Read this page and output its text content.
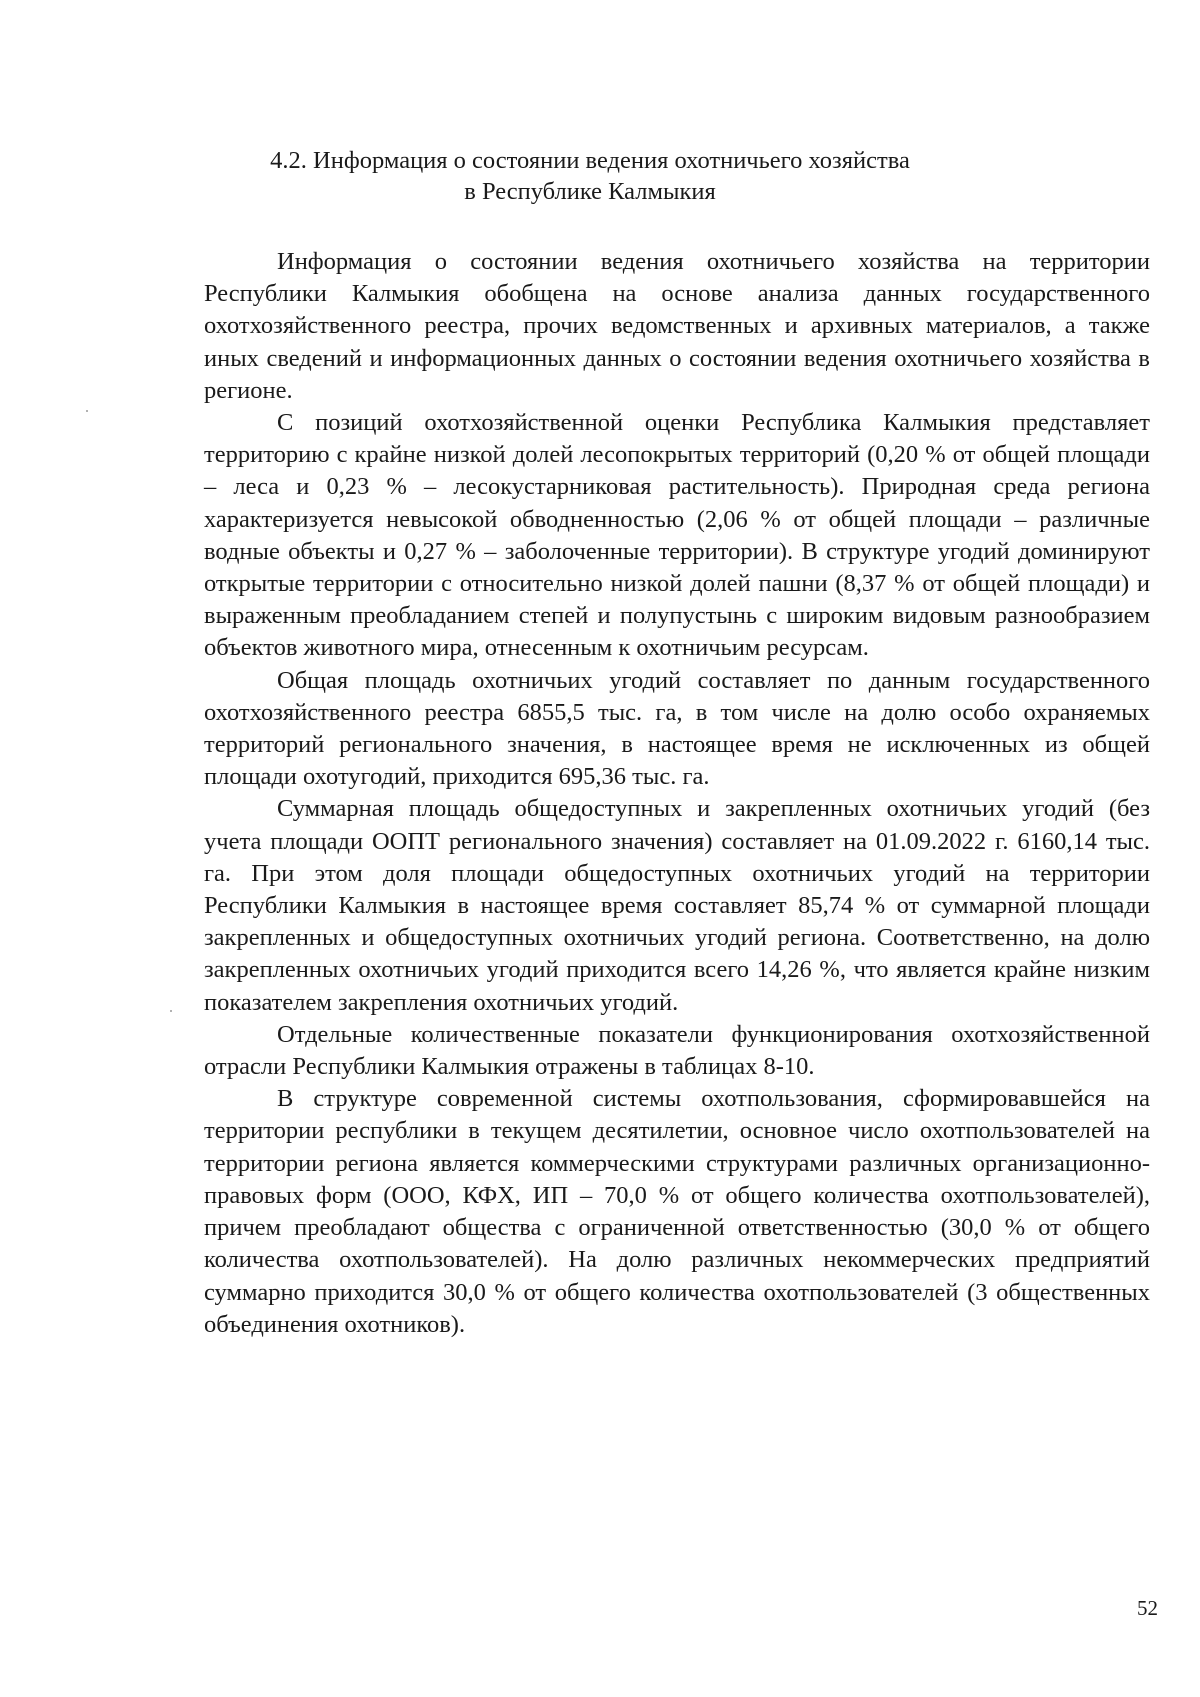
4.2. Информация о состоянии ведения охотничьего хозяйства
в Республике Калмыкия

Информация о состоянии ведения охотничьего хозяйства на территории Республики Калмыкия обобщена на основе анализа данных государственного охотхозяйственного реестра, прочих ведомственных и архивных материалов, а также иных сведений и информационных данных о состоянии ведения охотничьего хозяйства в регионе.

С позиций охотхозяйственной оценки Республика Калмыкия представляет территорию с крайне низкой долей лесопокрытых территорий (0,20 % от общей площади – леса и 0,23 % – лесокустарниковая растительность). Природная среда региона характеризуется невысокой обводненностью (2,06 % от общей площади – различные водные объекты и 0,27 % – заболоченные территории). В структуре угодий доминируют открытые территории с относительно низкой долей пашни (8,37 % от общей площади) и выраженным преобладанием степей и полупустынь с широким видовым разнообразием объектов животного мира, отнесенным к охотничьим ресурсам.

Общая площадь охотничьих угодий составляет по данным государственного охотхозяйственного реестра 6855,5 тыс. га, в том числе на долю особо охраняемых территорий регионального значения, в настоящее время не исключенных из общей площади охотугодий, приходится 695,36 тыс. га.

Суммарная площадь общедоступных и закрепленных охотничьих угодий (без учета площади ООПТ регионального значения) составляет на 01.09.2022 г. 6160,14 тыс. га. При этом доля площади общедоступных охотничьих угодий на территории Республики Калмыкия в настоящее время составляет 85,74 % от суммарной площади закрепленных и общедоступных охотничьих угодий региона. Соответственно, на долю закрепленных охотничьих угодий приходится всего 14,26 %, что является крайне низким показателем закрепления охотничьих угодий.

Отдельные количественные показатели функционирования охотхозяйственной отрасли Республики Калмыкия отражены в таблицах 8-10.

В структуре современной системы охотпользования, сформировавшейся на территории республики в текущем десятилетии, основное число охотпользователей на территории региона является коммерческими структурами различных организационно-правовых форм (ООО, КФХ, ИП – 70,0 % от общего количества охотпользователей), причем преобладают общества с ограниченной ответственностью (30,0 % от общего количества охотпользователей). На долю различных некоммерческих предприятий суммарно приходится 30,0 % от общего количества охотпользователей (3 общественных объединения охотников).

52
